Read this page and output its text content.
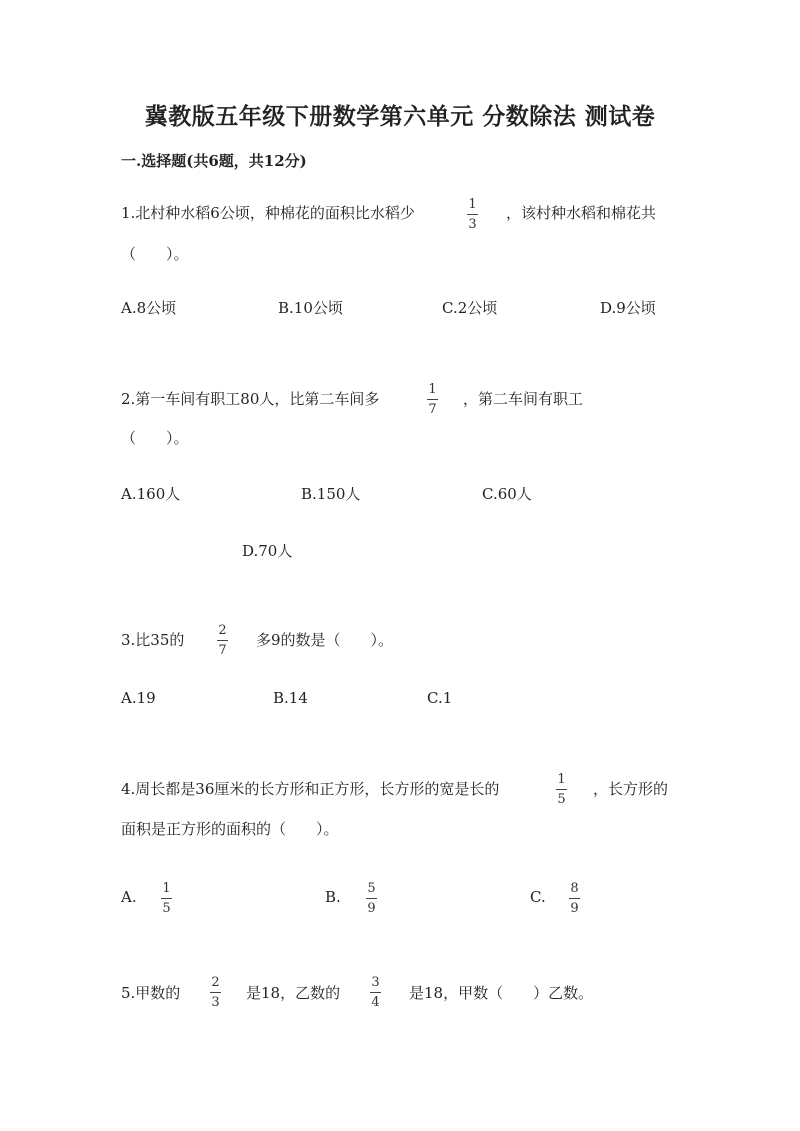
冀教版五年级下册数学第六单元 分数除法 测试卷
一.选择题(共6题，共12分)
1.北村种水稻6公顷，种棉花的面积比水稻少	1
3
，该村种水稻和棉花共
（　　）。
A.8公顷	B.10公顷	C.2公顷	D.9公顷
2.第一车间有职工80人，比第二车间多
1
7
，第二车间有职工
（　　）。
A.160人	B.150人	C.60人
D.70人
3.比35的
2
7
多9的数是（　　）。
A.19	B.14	C.1
4.周长都是36厘米的长方形和正方形，长方形的宽是长的
1
5
，长方形的
面积是正方形的面积的（　　）。
A. 1
5
B. 5
9
C. 8
9
5.甲数的
2
3
是18，乙数的
3
4
是18，甲数（　　）乙数。
